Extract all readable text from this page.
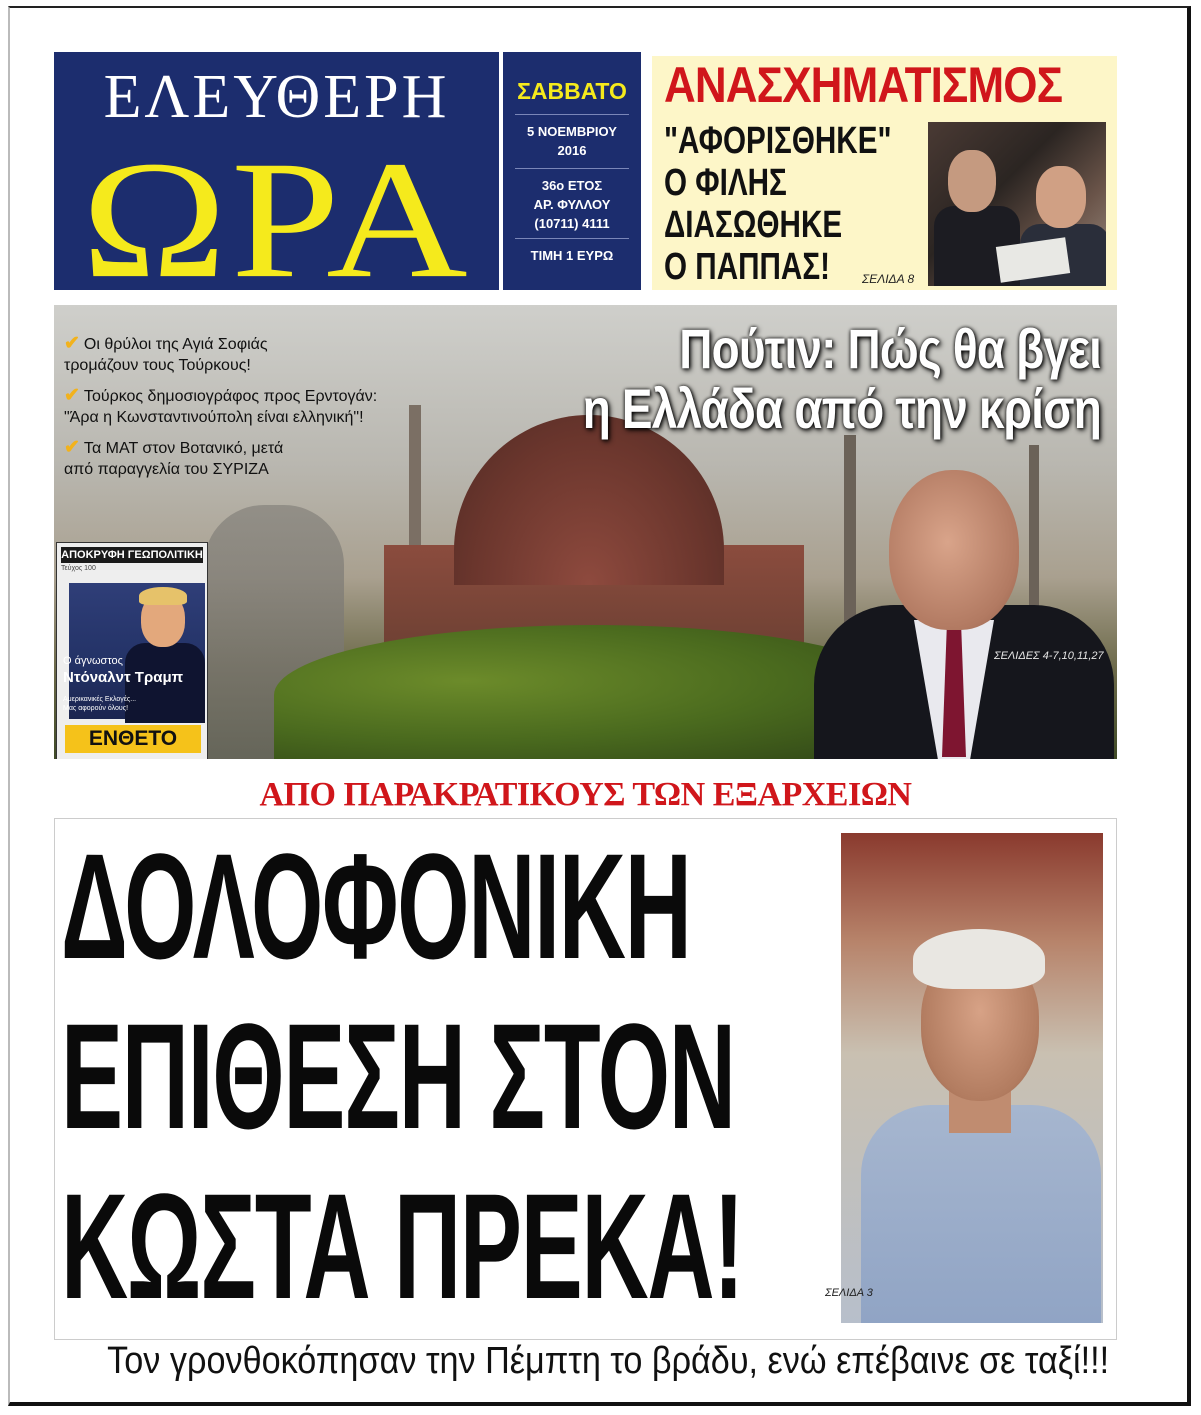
ΕΛΕΥΘΕΡΗ
ΩΡΑ
ΣΑΒΒΑΤΟ
5 ΝΟΕΜΒΡΙΟΥ
2016
36ο ΕΤΟΣ
ΑΡ. ΦΥΛΛΟΥ
(10711) 4111
ΤΙΜΗ 1 ΕΥΡΩ
ΑΝΑΣΧΗΜΑΤΙΣΜΟΣ
"ΑΦΟΡΙΣΘΗΚΕ"
Ο ΦΙΛΗΣ
ΔΙΑΣΩΘΗΚΕ
Ο ΠΑΠΠΑΣ!	ΣΕΛΙΔΑ 8
✔ Οι θρύλοι της Αγιά Σοφιάς
τρομάζουν τους Τούρκους!
✔ Τούρκος δημοσιογράφος προς Ερντογάν:
"Άρα η Κωνσταντινούπολη είναι ελληνική"!
✔ Τα ΜΑΤ στον Βοτανικό, μετά
από παραγγελία του ΣΥΡΙΖΑ
Πούτιν: Πώς θα βγει
η Ελλάδα από την κρίση
ΣΕΛΙΔΕΣ 4-7,10,11,27
ΑΠΟΚΡΥΦΗ ΓΕΩΠΟΛΙΤΙΚΗ
Τεύχος 100
Ο άγνωστος
Ντόναλντ Τραμπ
Αμερικανικές Εκλογές... Μας αφορούν όλους!
ΕΝΘΕΤΟ
ΑΠΟ ΠΑΡΑΚΡΑΤΙΚΟΥΣ ΤΩΝ ΕΞΑΡΧΕΙΩΝ
ΔΟΛΟΦΟΝΙΚΗ
ΕΠΙΘΕΣΗ ΣΤΟΝ
ΚΩΣΤΑ ΠΡΕΚΑ!	ΣΕΛΙΔΑ 3
Τον γρονθοκόπησαν την Πέμπτη το βράδυ, ενώ επέβαινε σε ταξί!!!
